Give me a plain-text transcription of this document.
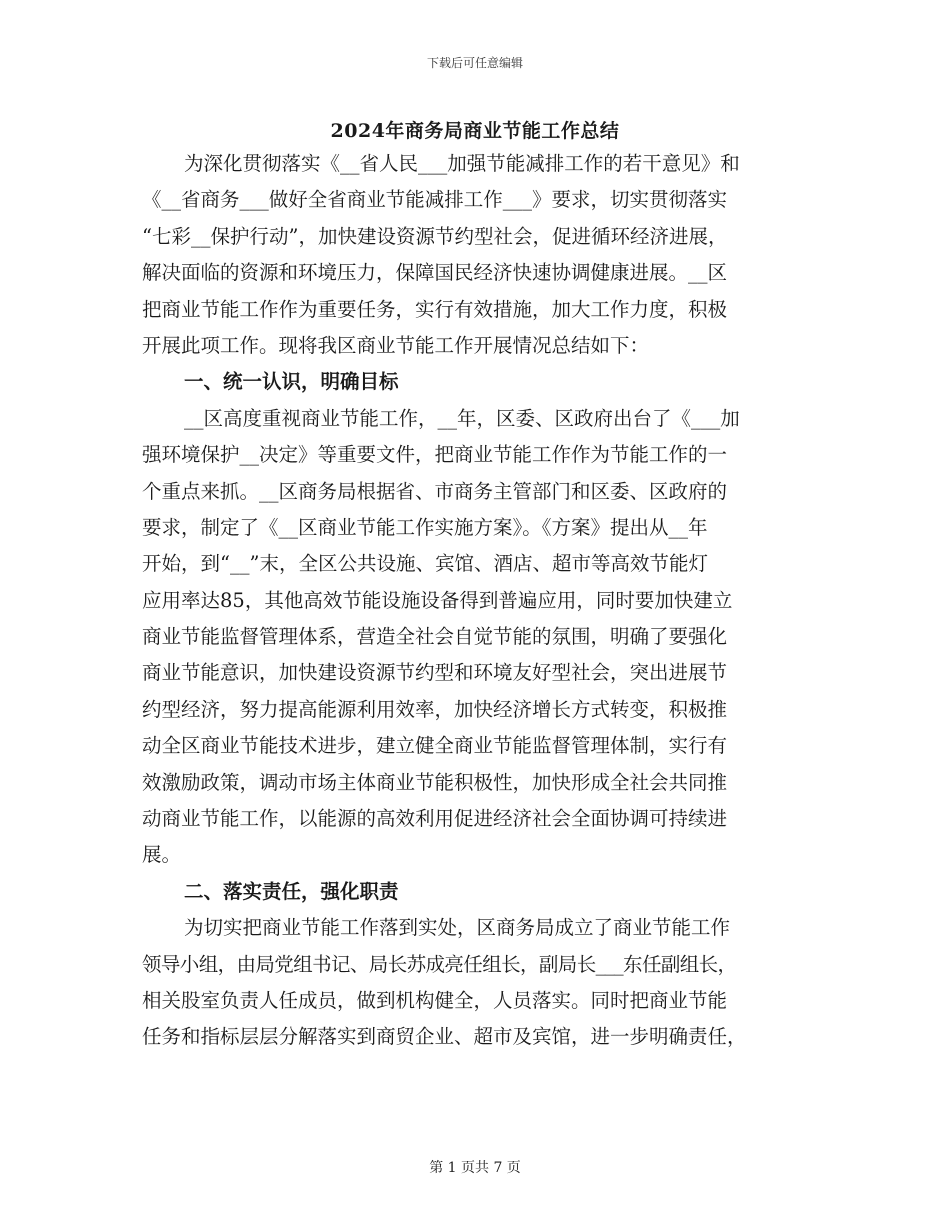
下载后可任意编辑
2024年商务局商业节能工作总结
为深化贯彻落实《__省人民___加强节能减排工作的若干意见》和
《__省商务___做好全省商业节能减排工作___》要求，切实贯彻落实
“七彩__保护行动”，加快建设资源节约型社会，促进循环经济进展，
解决面临的资源和环境压力，保障国民经济快速协调健康进展。__区
把商业节能工作作为重要任务，实行有效措施，加大工作力度，积极
开展此项工作。现将我区商业节能工作开展情况总结如下：
一、统一认识，明确目标
__区高度重视商业节能工作，__年，区委、区政府出台了《___加
强环境保护__决定》等重要文件，把商业节能工作作为节能工作的一
个重点来抓。__区商务局根据省、市商务主管部门和区委、区政府的
要求，制定了《__区商业节能工作实施方案》。《方案》提出从__年
开始，到“__”末，全区公共设施、宾馆、酒店、超市等高效节能灯
应用率达85，其他高效节能设施设备得到普遍应用，同时要加快建立
商业节能监督管理体系，营造全社会自觉节能的氛围，明确了要强化
商业节能意识，加快建设资源节约型和环境友好型社会，突出进展节
约型经济，努力提高能源利用效率，加快经济增长方式转变，积极推
动全区商业节能技术进步，建立健全商业节能监督管理体制，实行有
效激励政策，调动市场主体商业节能积极性，加快形成全社会共同推
动商业节能工作，以能源的高效利用促进经济社会全面协调可持续进
展。
二、落实责任，强化职责
为切实把商业节能工作落到实处，区商务局成立了商业节能工作
领导小组，由局党组书记、局长苏成亮任组长，副局长___东任副组长，
相关股室负责人任成员，做到机构健全，人员落实。同时把商业节能
任务和指标层层分解落实到商贸企业、超市及宾馆，进一步明确责任，
第 1 页共 7 页
